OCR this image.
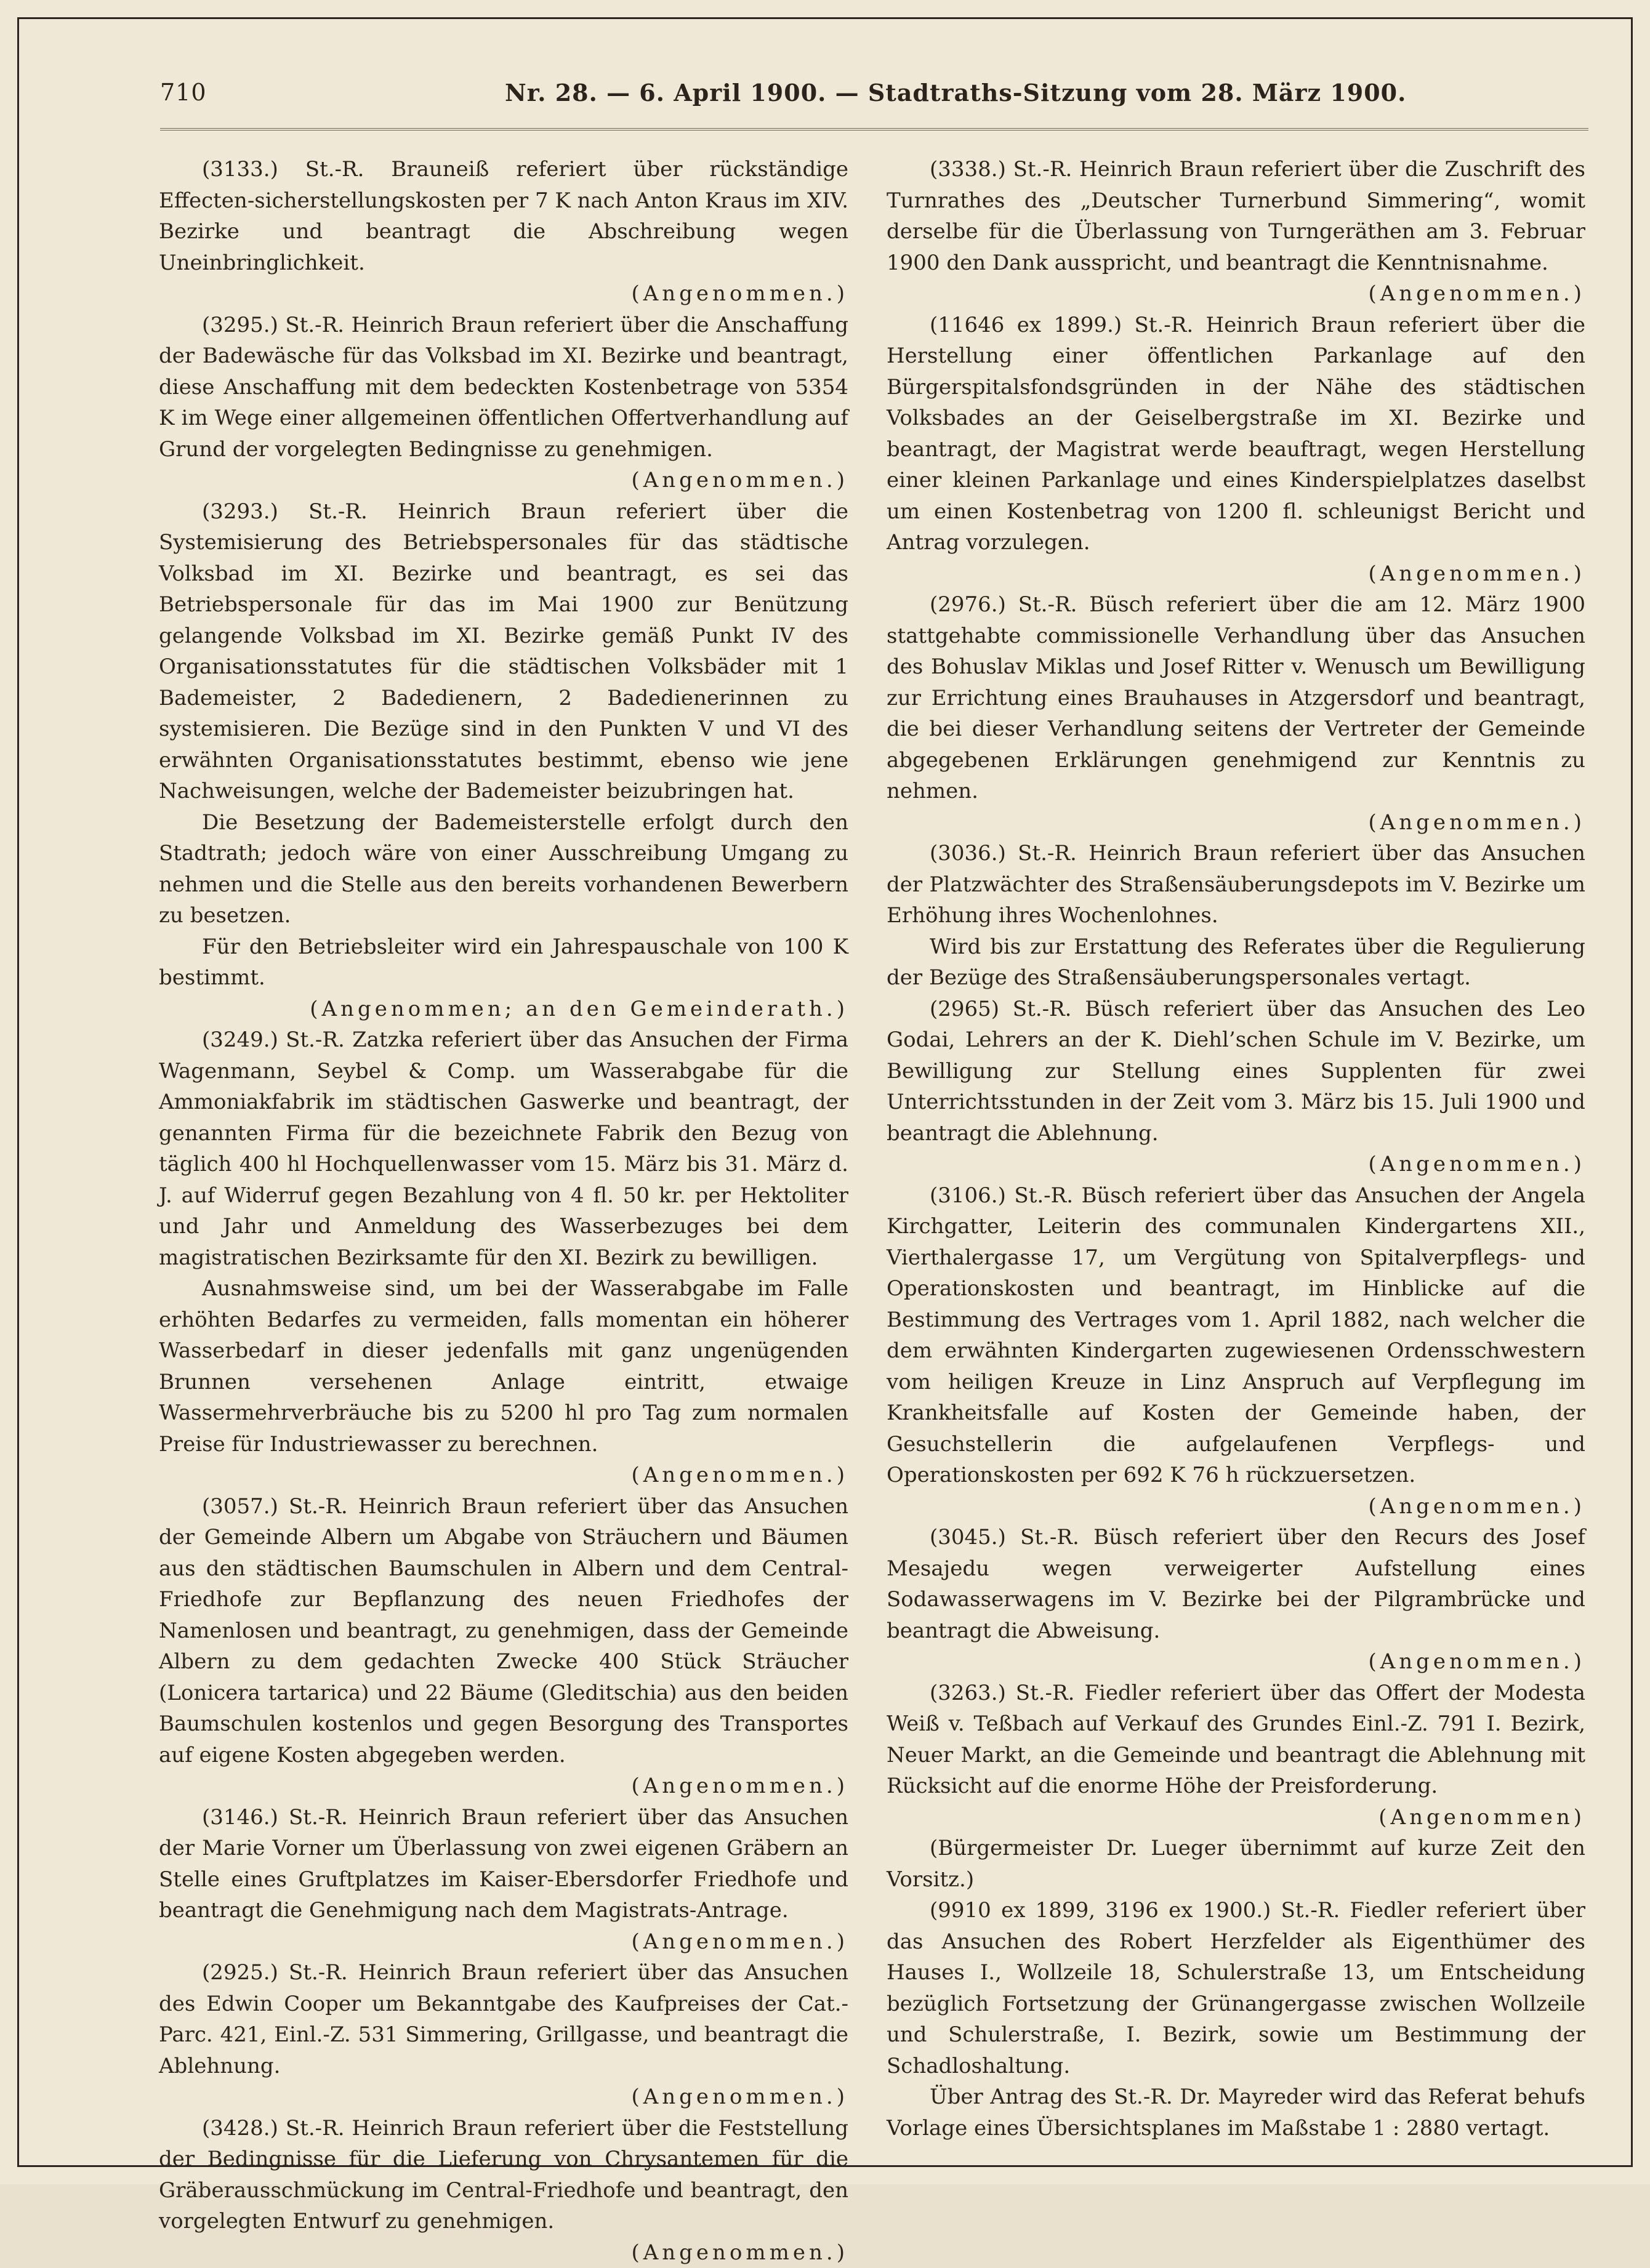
710	Nr. 28. — 6. April 1900. — Stadtraths-Sitzung vom 28. März 1900.

(3133.) St.-R. Brauneiß referiert über rückständige Effecten-sicherstellungskosten per 7 K nach Anton Kraus im XIV. Bezirke und beantragt die Abschreibung wegen Uneinbringlichkeit.

(Angenommen.)

(3295.) St.-R. Heinrich Braun referiert über die Anschaffung der Badewäsche für das Volksbad im XI. Bezirke und beantragt, diese Anschaffung mit dem bedeckten Kostenbetrage von 5354 K im Wege einer allgemeinen öffentlichen Offertverhandlung auf Grund der vorgelegten Bedingnisse zu genehmigen.

(Angenommen.)

(3293.) St.-R. Heinrich Braun referiert über die Systemisierung des Betriebspersonales für das städtische Volksbad im XI. Bezirke und beantragt, es sei das Betriebspersonale für das im Mai 1900 zur Benützung gelangende Volksbad im XI. Bezirke gemäß Punkt IV des Organisationsstatutes für die städtischen Volksbäder mit 1 Bademeister, 2 Badedienern, 2 Badedienerinnen zu systemisieren. Die Bezüge sind in den Punkten V und VI des erwähnten Organisationsstatutes bestimmt, ebenso wie jene Nachweisungen, welche der Bademeister beizubringen hat.

Die Besetzung der Bademeisterstelle erfolgt durch den Stadtrath; jedoch wäre von einer Ausschreibung Umgang zu nehmen und die Stelle aus den bereits vorhandenen Bewerbern zu besetzen.

Für den Betriebsleiter wird ein Jahrespauschale von 100 K bestimmt.

(Angenommen; an den Gemeinderath.)

(3249.) St.-R. Zatzka referiert über das Ansuchen der Firma Wagenmann, Seybel & Comp. um Wasserabgabe für die Ammoniakfabrik im städtischen Gaswerke und beantragt, der genannten Firma für die bezeichnete Fabrik den Bezug von täglich 400 hl Hochquellenwasser vom 15. März bis 31. März d. J. auf Widerruf gegen Bezahlung von 4 fl. 50 kr. per Hektoliter und Jahr und Anmeldung des Wasserbezuges bei dem magistratischen Bezirksamte für den XI. Bezirk zu bewilligen.

Ausnahmsweise sind, um bei der Wasserabgabe im Falle erhöhten Bedarfes zu vermeiden, falls momentan ein höherer Wasserbedarf in dieser jedenfalls mit ganz ungenügenden Brunnen versehenen Anlage eintritt, etwaige Wassermehrverbräuche bis zu 5200 hl pro Tag zum normalen Preise für Industriewasser zu berechnen.

(Angenommen.)

(3057.) St.-R. Heinrich Braun referiert über das Ansuchen der Gemeinde Albern um Abgabe von Sträuchern und Bäumen aus den städtischen Baumschulen in Albern und dem Central-Friedhofe zur Bepflanzung des neuen Friedhofes der Namenlosen und beantragt, zu genehmigen, dass der Gemeinde Albern zu dem gedachten Zwecke 400 Stück Sträucher (Lonicera tartarica) und 22 Bäume (Gleditschia) aus den beiden Baumschulen kostenlos und gegen Besorgung des Transportes auf eigene Kosten abgegeben werden.

(Angenommen.)

(3146.) St.-R. Heinrich Braun referiert über das Ansuchen der Marie Vorner um Überlassung von zwei eigenen Gräbern an Stelle eines Gruftplatzes im Kaiser-Ebersdorfer Friedhofe und beantragt die Genehmigung nach dem Magistrats-Antrage.

(Angenommen.)

(2925.) St.-R. Heinrich Braun referiert über das Ansuchen des Edwin Cooper um Bekanntgabe des Kaufpreises der Cat.-Parc. 421, Einl.-Z. 531 Simmering, Grillgasse, und beantragt die Ablehnung.

(Angenommen.)

(3428.) St.-R. Heinrich Braun referiert über die Feststellung der Bedingnisse für die Lieferung von Chrysantemen für die Gräberausschmückung im Central-Friedhofe und beantragt, den vorgelegten Entwurf zu genehmigen.

(Angenommen.)

(3338.) St.-R. Heinrich Braun referiert über die Zuschrift des Turnrathes des „Deutscher Turnerbund Simmering“, womit derselbe für die Überlassung von Turngeräthen am 3. Februar 1900 den Dank ausspricht, und beantragt die Kenntnisnahme.

(Angenommen.)

(11646 ex 1899.) St.-R. Heinrich Braun referiert über die Herstellung einer öffentlichen Parkanlage auf den Bürgerspitalsfondsgründen in der Nähe des städtischen Volksbades an der Geiselbergstraße im XI. Bezirke und beantragt, der Magistrat werde beauftragt, wegen Herstellung einer kleinen Parkanlage und eines Kinderspielplatzes daselbst um einen Kostenbetrag von 1200 fl. schleunigst Bericht und Antrag vorzulegen.

(Angenommen.)

(2976.) St.-R. Büsch referiert über die am 12. März 1900 stattgehabte commissionelle Verhandlung über das Ansuchen des Bohuslav Miklas und Josef Ritter v. Wenusch um Bewilligung zur Errichtung eines Brauhauses in Atzgersdorf und beantragt, die bei dieser Verhandlung seitens der Vertreter der Gemeinde abgegebenen Erklärungen genehmigend zur Kenntnis zu nehmen.

(Angenommen.)

(3036.) St.-R. Heinrich Braun referiert über das Ansuchen der Platzwächter des Straßensäuberungsdepots im V. Bezirke um Erhöhung ihres Wochenlohnes.

Wird bis zur Erstattung des Referates über die Regulierung der Bezüge des Straßensäuberungspersonales vertagt.

(2965) St.-R. Büsch referiert über das Ansuchen des Leo Godai, Lehrers an der K. Diehl’schen Schule im V. Bezirke, um Bewilligung zur Stellung eines Supplenten für zwei Unterrichtsstunden in der Zeit vom 3. März bis 15. Juli 1900 und beantragt die Ablehnung.

(Angenommen.)

(3106.) St.-R. Büsch referiert über das Ansuchen der Angela Kirchgatter, Leiterin des communalen Kindergartens XII., Vierthalergasse 17, um Vergütung von Spitalverpflegs- und Operationskosten und beantragt, im Hinblicke auf die Bestimmung des Vertrages vom 1. April 1882, nach welcher die dem erwähnten Kindergarten zugewiesenen Ordensschwestern vom heiligen Kreuze in Linz Anspruch auf Verpflegung im Krankheitsfalle auf Kosten der Gemeinde haben, der Gesuchstellerin die aufgelaufenen Verpflegs- und Operationskosten per 692 K 76 h rückzuersetzen.

(Angenommen.)

(3045.) St.-R. Büsch referiert über den Recurs des Josef Mesajedu wegen verweigerter Aufstellung eines Sodawasserwagens im V. Bezirke bei der Pilgrambrücke und beantragt die Abweisung.

(Angenommen.)

(3263.) St.-R. Fiedler referiert über das Offert der Modesta Weiß v. Teßbach auf Verkauf des Grundes Einl.-Z. 791 I. Bezirk, Neuer Markt, an die Gemeinde und beantragt die Ablehnung mit Rücksicht auf die enorme Höhe der Preisforderung.

(Angenommen)

(Bürgermeister Dr. Lueger übernimmt auf kurze Zeit den Vorsitz.)

(9910 ex 1899, 3196 ex 1900.) St.-R. Fiedler referiert über das Ansuchen des Robert Herzfelder als Eigenthümer des Hauses I., Wollzeile 18, Schulerstraße 13, um Entscheidung bezüglich Fortsetzung der Grünangergasse zwischen Wollzeile und Schulerstraße, I. Bezirk, sowie um Bestimmung der Schadloshaltung.

Über Antrag des St.-R. Dr. Mayreder wird das Referat behufs Vorlage eines Übersichtsplanes im Maßstabe 1 : 2880 vertagt.
